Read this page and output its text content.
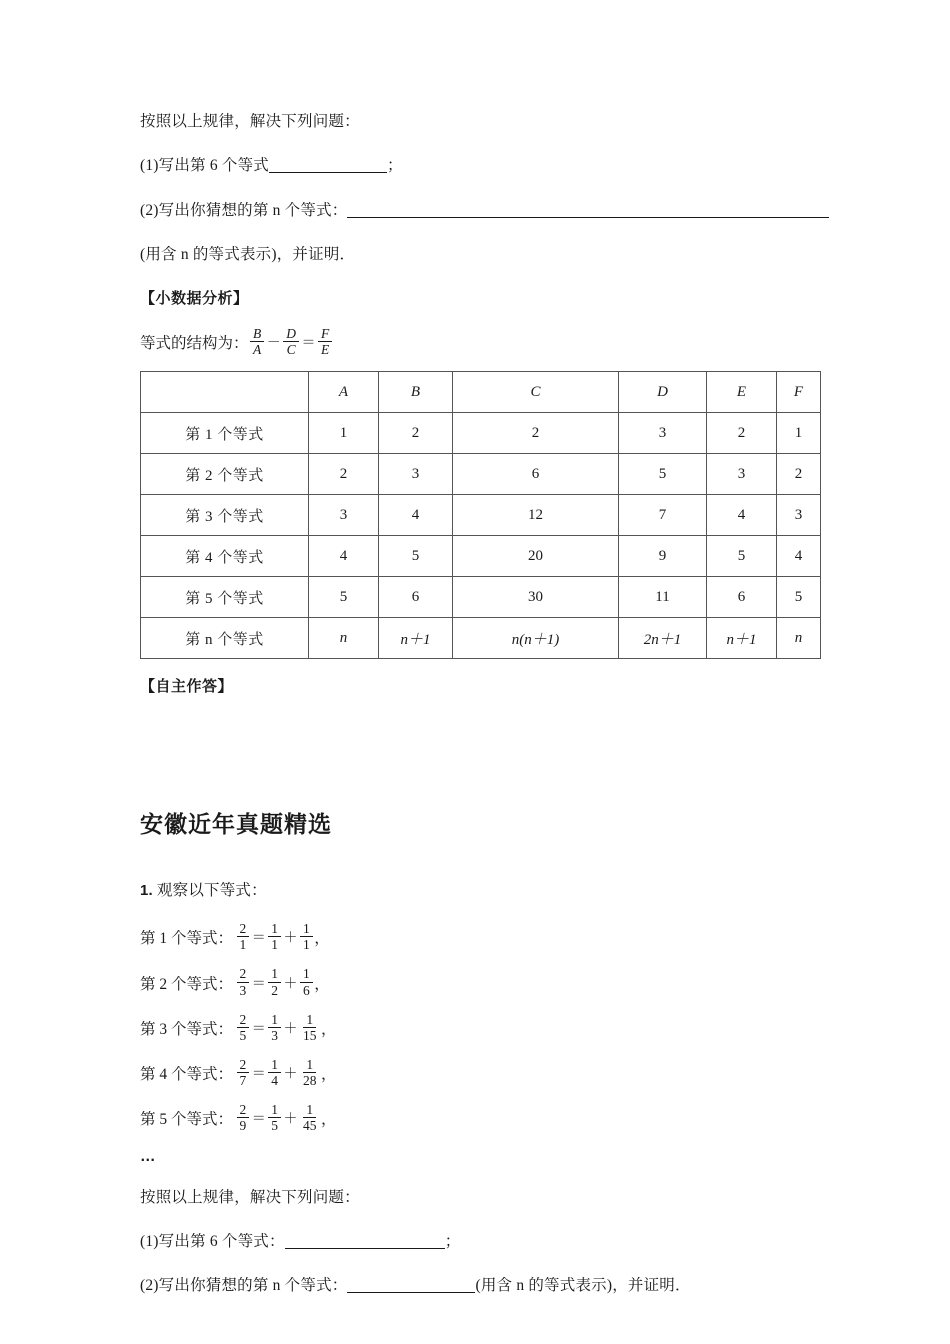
按照以上规律，解决下列问题：

(1)写出第 6 个等式	；

(2)写出你猜想的第 n 个等式：

(用含 n 的等式表示)，并证明．

【小数据分析】

等式的结构为： $\frac{B}{A} - \frac{D}{C} = \frac{F}{E}$
	A	B	C	D	E	F
第 1 个等式	1	2	2	3	2	1
第 2 个等式	2	3	6	5	3	2
第 3 个等式	3	4	12	7	4	3
第 4 个等式	4	5	20	9	5	4
第 5 个等式	5	6	30	11	6	5
第 n 个等式	n	n＋1	n(n＋1)	2n＋1	n＋1	n

【自主作答】

安徽近年真题精选

1. 观察以下等式：

第 1 个等式： $\frac{2}{1} = \frac{1}{1} + \frac{1}{1}$ ，
第 2 个等式： $\frac{2}{3} = \frac{1}{2} + \frac{1}{6}$ ，
第 3 个等式： $\frac{2}{5} = \frac{1}{3} + \frac{1}{15}$ ，
第 4 个等式： $\frac{2}{7} = \frac{1}{4} + \frac{1}{28}$ ，
第 5 个等式： $\frac{2}{9} = \frac{1}{5} + \frac{1}{45}$ ，

…

按照以上规律，解决下列问题：

(1)写出第 6 个等式：	；

(2)写出你猜想的第 n 个等式：	(用含 n 的等式表示)，并证明．
